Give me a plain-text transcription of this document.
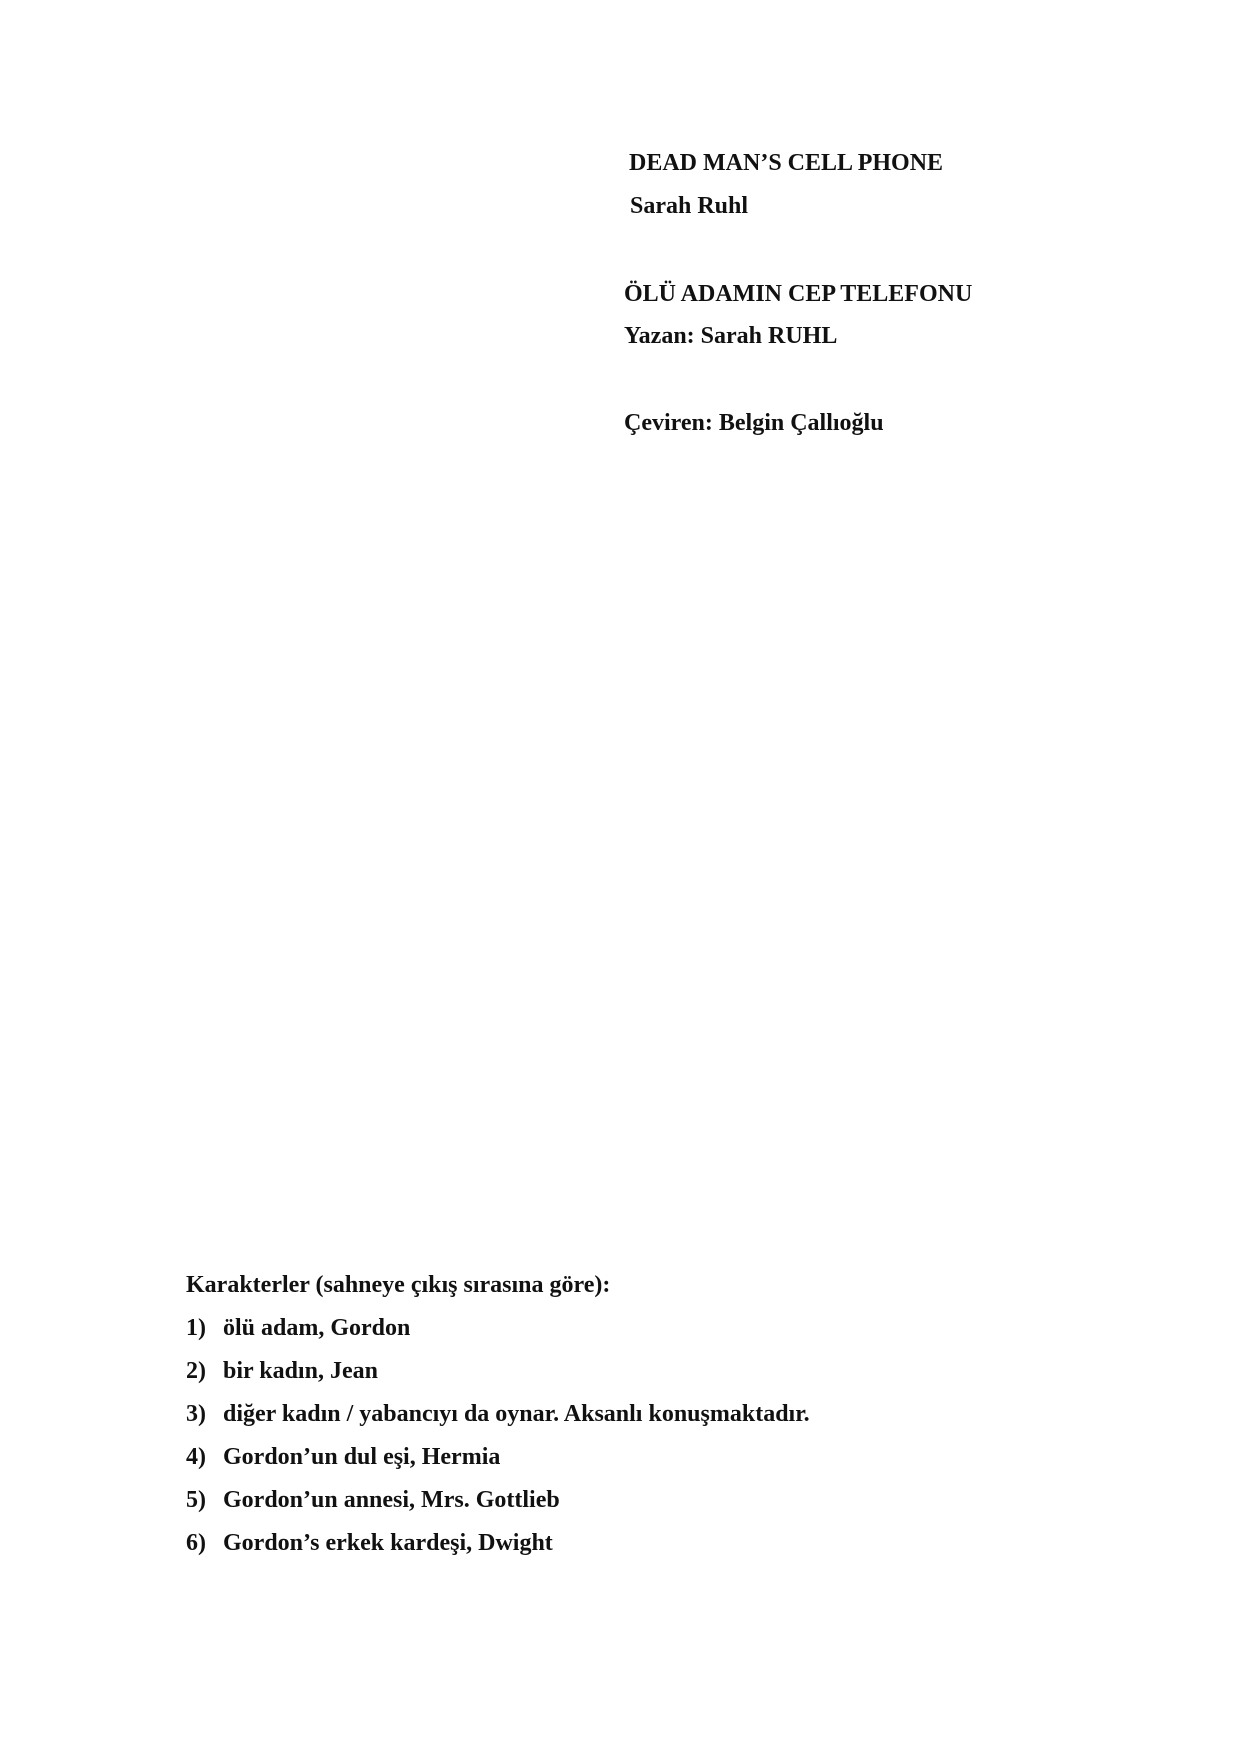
DEAD MAN’S CELL PHONE

Sarah Ruhl

ÖLÜ ADAMIN CEP TELEFONU

Yazan: Sarah RUHL

Çeviren: Belgin Çallıoğlu

Karakterler (sahneye çıkış sırasına göre):

1) ölü adam, Gordon
2) bir kadın, Jean
3) diğer kadın / yabancıyı da oynar. Aksanlı konuşmaktadır.
4) Gordon’un dul eşi, Hermia
5) Gordon’un annesi, Mrs. Gottlieb
6) Gordon’s erkek kardeşi, Dwight
